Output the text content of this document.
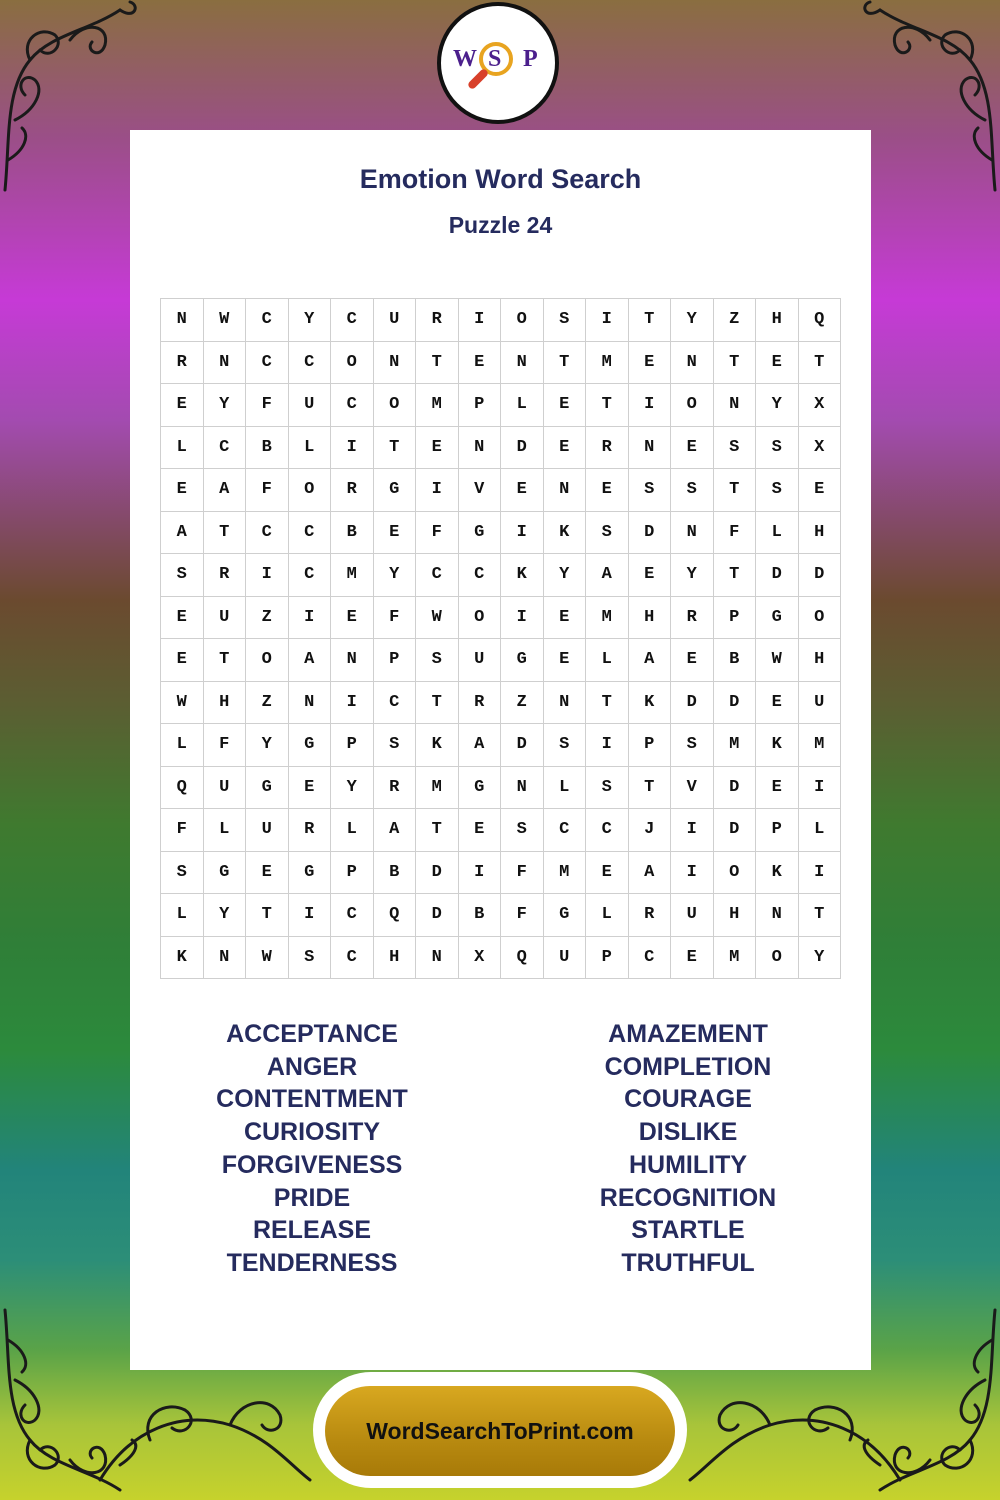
W S P
Emotion Word Search
Puzzle 24
N	W	C	Y	C	U	R	I	O	S	I	T	Y	Z	H	Q
R	N	C	C	O	N	T	E	N	T	M	E	N	T	E	T
E	Y	F	U	C	O	M	P	L	E	T	I	O	N	Y	X
L	C	B	L	I	T	E	N	D	E	R	N	E	S	S	X
E	A	F	O	R	G	I	V	E	N	E	S	S	T	S	E
A	T	C	C	B	E	F	G	I	K	S	D	N	F	L	H
S	R	I	C	M	Y	C	C	K	Y	A	E	Y	T	D	D
E	U	Z	I	E	F	W	O	I	E	M	H	R	P	G	O
E	T	O	A	N	P	S	U	G	E	L	A	E	B	W	H
W	H	Z	N	I	C	T	R	Z	N	T	K	D	D	E	U
L	F	Y	G	P	S	K	A	D	S	I	P	S	M	K	M
Q	U	G	E	Y	R	M	G	N	L	S	T	V	D	E	I
F	L	U	R	L	A	T	E	S	C	C	J	I	D	P	L
S	G	E	G	P	B	D	I	F	M	E	A	I	O	K	I
L	Y	T	I	C	Q	D	B	F	G	L	R	U	H	N	T
K	N	W	S	C	H	N	X	Q	U	P	C	E	M	O	Y
ACCEPTANCE
ANGER
CONTENTMENT
CURIOSITY
FORGIVENESS
PRIDE
RELEASE
TENDERNESS
AMAZEMENT
COMPLETION
COURAGE
DISLIKE
HUMILITY
RECOGNITION
STARTLE
TRUTHFUL
WordSearchToPrint.com
